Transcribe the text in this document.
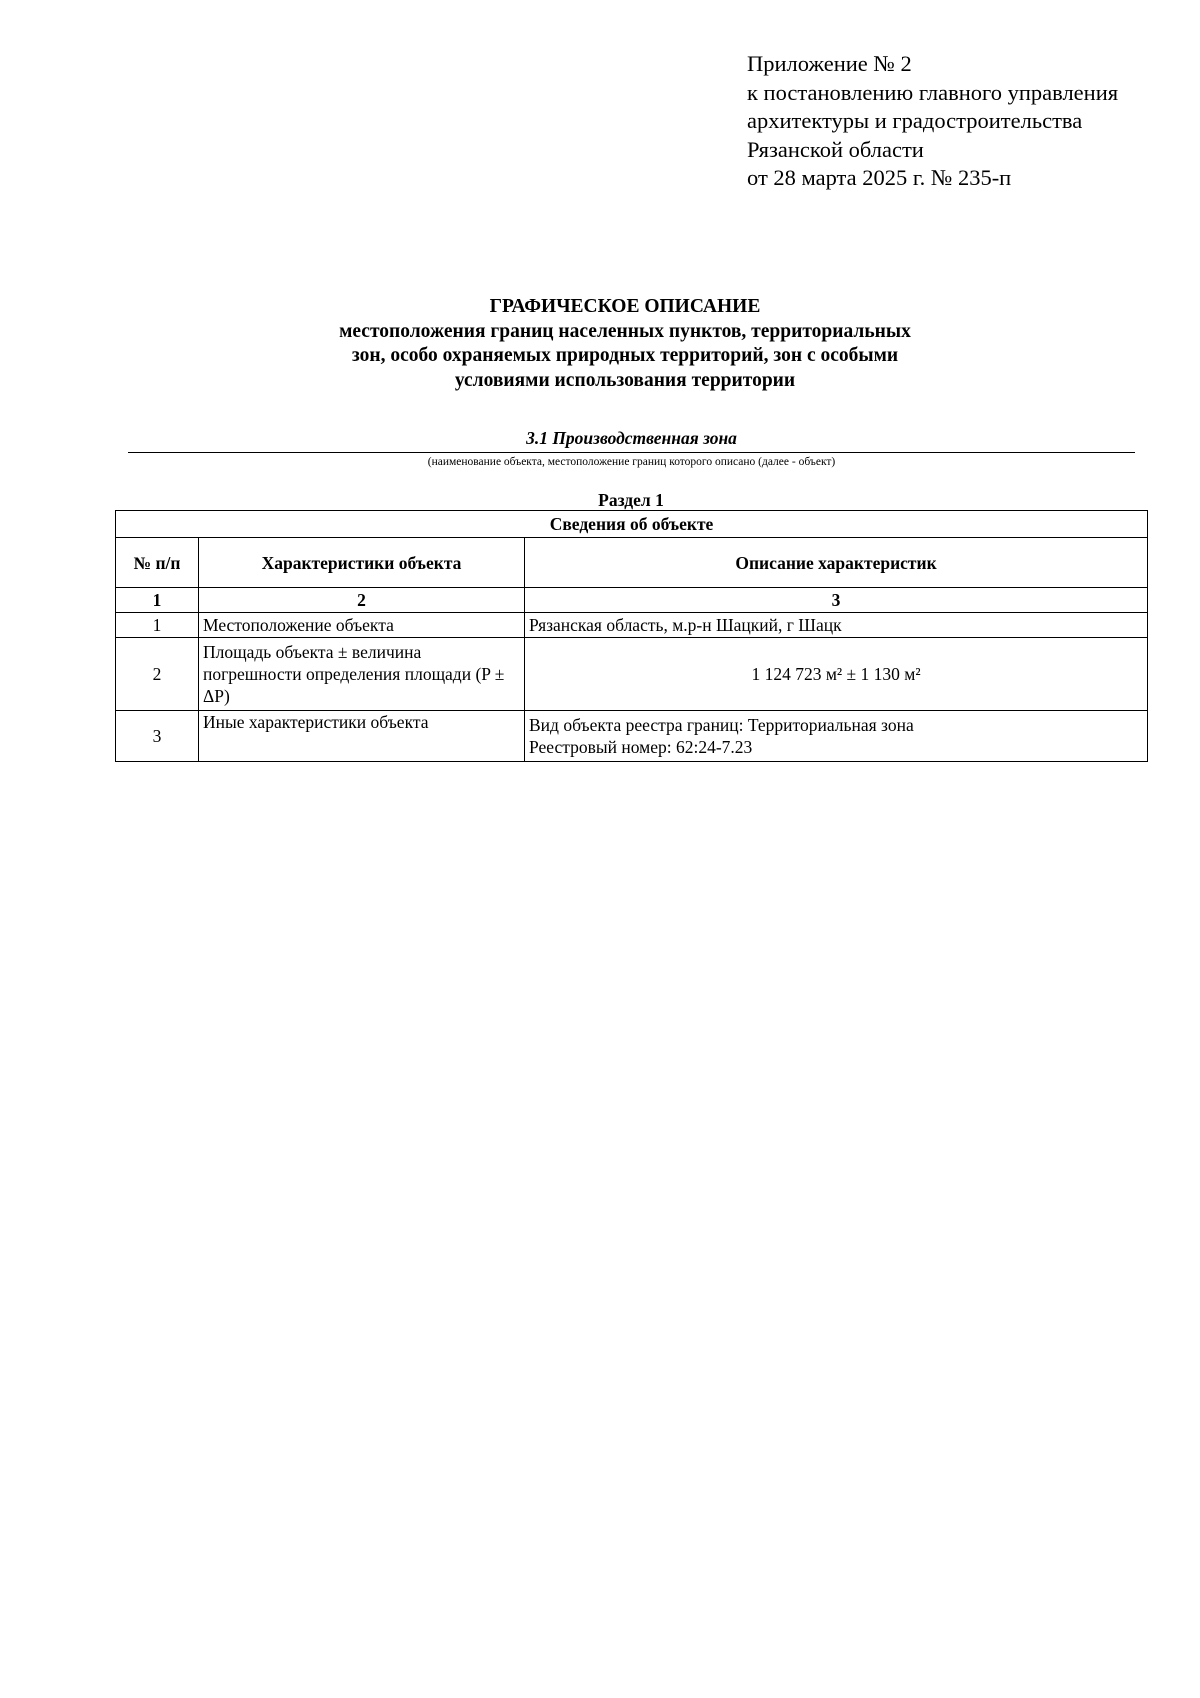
Приложение № 2
к постановлению главного управления
архитектуры и градостроительства
Рязанской области
от 28 марта 2025 г. № 235-п
ГРАФИЧЕСКОЕ ОПИСАНИЕ
местоположения границ населенных пунктов, территориальных
зон, особо охраняемых природных территорий, зон с особыми
условиями использования территории
3.1 Производственная зона
(наименование объекта, местоположение границ которого описано (далее - объект)
Раздел 1
Сведения об объекте		
№ п/п	Характеристики объекта	Описание характеристик
1	2	3
1	Местоположение объекта	Рязанская область, м.р-н Шацкий, г Шацк

2	Площадь объекта ± величина погрешности определения площади (P ± ΔP)	1 124 723 м² ± 1 130 м²

3	Иные характеристики объекта	Вид объекта реестра границ: Территориальная зона
Реестровый номер: 62:24-7.23
